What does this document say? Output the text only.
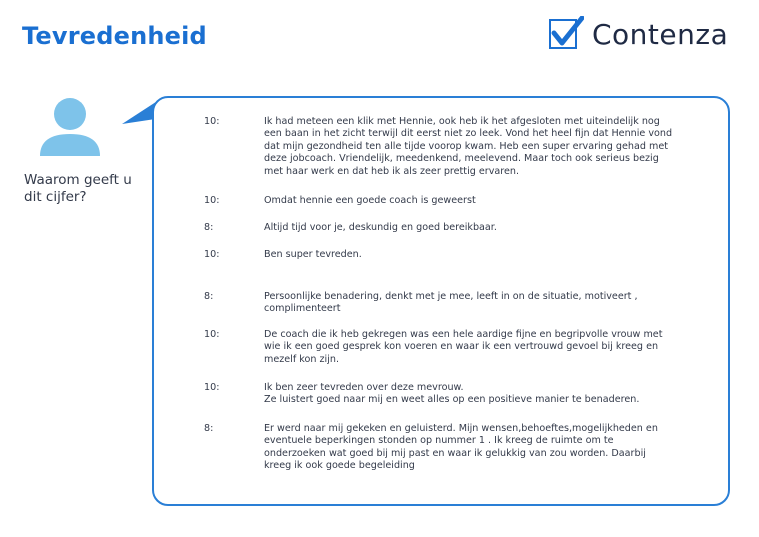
Tevredenheid	Contenza
Waarom geeft u dit cijfer?
10:	Ik had meteen een klik met Hennie, ook heb ik het afgesloten met uiteindelijk nog een baan in het zicht terwijl dit eerst niet zo leek. Vond het heel fijn dat Hennie vond dat mijn gezondheid ten alle tijde voorop kwam. Heb een super ervaring gehad met deze jobcoach. Vriendelijk, meedenkend, meelevend. Maar toch ook serieus bezig met haar werk en dat heb ik als zeer prettig ervaren.
10:	Omdat hennie een goede coach is geweerst
8:	Altijd tijd voor je, deskundig en goed bereikbaar.
10:	Ben super tevreden.
8:	Persoonlijke benadering, denkt met je mee, leeft in on de situatie, motiveert , complimenteert
10:	De coach die ik heb gekregen was een hele aardige fijne en begripvolle vrouw met wie ik een goed gesprek kon voeren en waar ik een vertrouwd gevoel bij kreeg en mezelf kon zijn.
10:	Ik ben zeer tevreden over deze mevrouw.
Ze luistert goed naar mij en weet alles op een positieve manier te benaderen.
8:	Er werd naar mij gekeken en geluisterd. Mijn wensen,behoeftes,mogelijkheden en eventuele beperkingen stonden op nummer 1 . Ik kreeg de ruimte om te onderzoeken wat goed bij mij past en waar ik gelukkig van zou worden. Daarbij kreeg ik ook goede begeleiding
